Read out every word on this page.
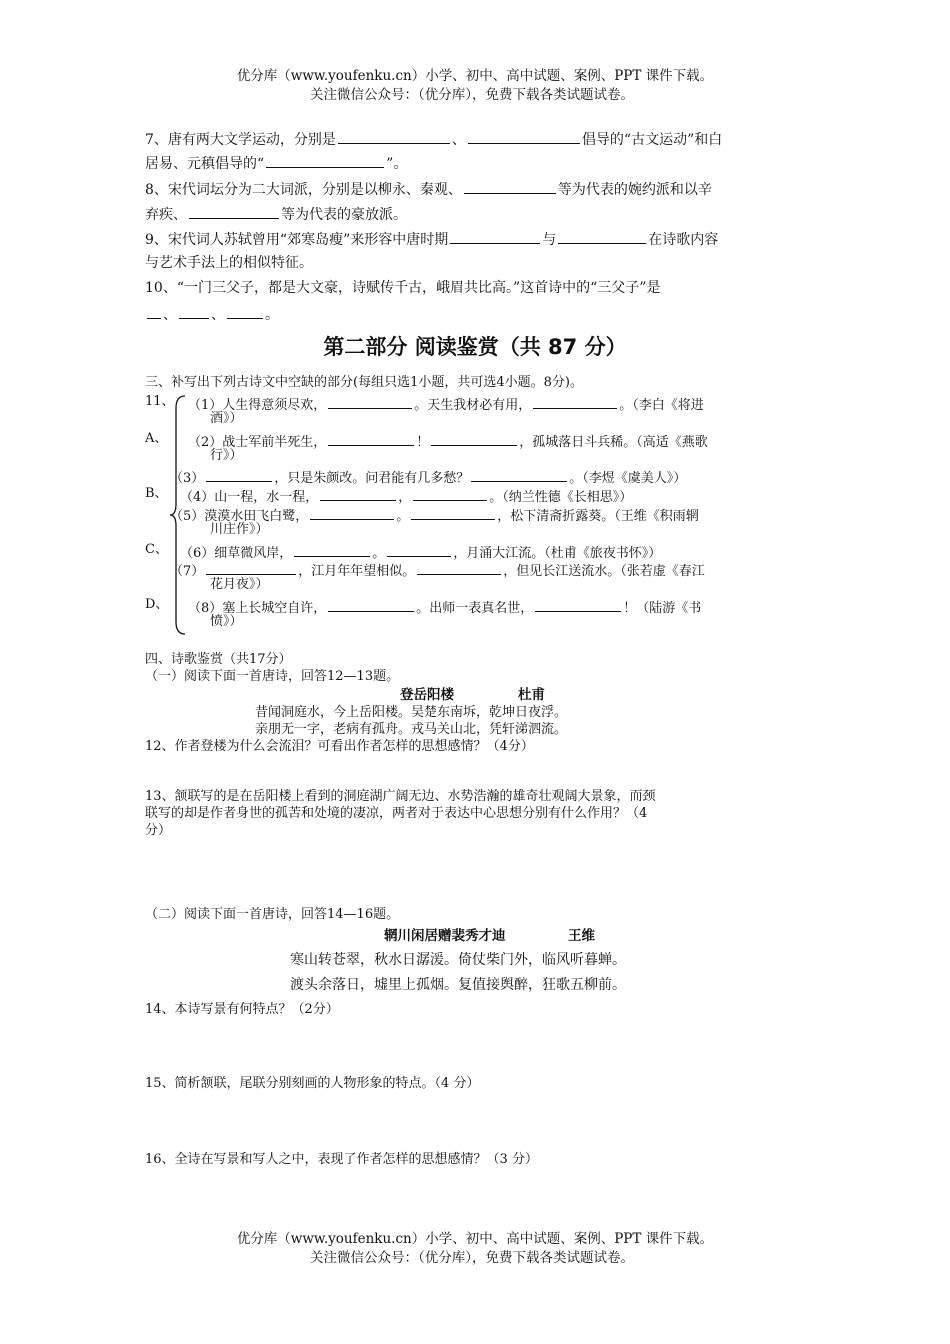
优分库（www.youfenku.cn）小学、初中、高中试题、案例、PPT 课件下载。
关注微信公众号：（优分库），免费下载各类试题试卷。
7、唐有两大文学运动，分别是	、	倡导的“古文运动”和白
居易、元稹倡导的“	”。
8、宋代词坛分为二大词派，分别是以柳永、秦观、	等为代表的婉约派和以辛
弃疾、	等为代表的豪放派。
9、宋代词人苏轼曾用“郊寒岛瘦”来形容中唐时期	与	在诗歌内容
与艺术手法上的相似特征。
10、“一门三父子，都是大文豪，诗赋传千古，峨眉共比高。”这首诗中的“三父子”是
、 、	。
第二部分 阅读鉴赏（共 87 分）
三、补写出下列古诗文中空缺的部分(每组只选1小题，共可选4小题。8分)。
11、 （1）人生得意须尽欢，	。天生我材必有用，	。（李白《将进
酒》）
A、 （2）战士军前半死生，	！	，孤城落日斗兵稀。（高适《燕歌
行》）
（3）	，只是朱颜改。问君能有几多愁？	。（李煜《虞美人》）
B、 （4）山一程，水一程，	，	。（纳兰性德《长相思》）
（5）漠漠水田飞白鹭，	。	，松下清斋折露葵。（王维《积雨辋
川庄作》）
C、 （6）细草微风岸，	。	，月涌大江流。（杜甫《旅夜书怀》）
（7）	，江月年年望相似。	，但见长江送流水。（张若虚《春江
花月夜》）
D、 （8）塞上长城空自许，	。出师一表真名世，	！（陆游《书
愤》）
四、诗歌鉴赏（共17分）
（一）阅读下面一首唐诗，回答12—13题。
登岳阳楼	杜甫
昔闻洞庭水，今上岳阳楼。吴楚东南坼，乾坤日夜浮。
亲朋无一字，老病有孤舟。戎马关山北，凭轩涕泗流。
12、作者登楼为什么会流泪？可看出作者怎样的思想感情？（4分）
13、颔联写的是在岳阳楼上看到的洞庭湖广阔无边、水势浩瀚的雄奇壮观阔大景象，而颈
联写的却是作者身世的孤苦和处境的凄凉，两者对于表达中心思想分别有什么作用？（4
分）
（二）阅读下面一首唐诗，回答14—16题。
辋川闲居赠裴秀才迪	王维
寒山转苍翠，秋水日潺湲。倚仗柴门外，临风听暮蝉。
渡头余落日，墟里上孤烟。复值接舆醉，狂歌五柳前。
14、本诗写景有何特点？（2分）
15、简析颔联，尾联分别刻画的人物形象的特点。（4 分）
16、全诗在写景和写人之中，表现了作者怎样的思想感情？（3 分）
优分库（www.youfenku.cn）小学、初中、高中试题、案例、PPT 课件下载。
关注微信公众号：（优分库），免费下载各类试题试卷。
